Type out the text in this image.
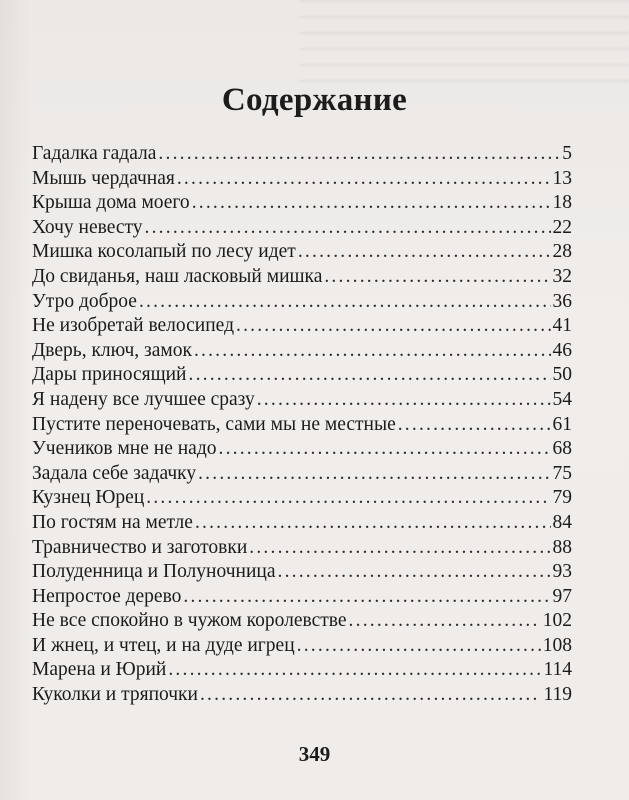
Содержание
Гадалка гадала .....	5
Мышь чердачная .....	13
Крыша дома моего .....	18
Хочу невесту .....	22
Мишка косолапый по лесу идет .....	28
До свиданья, наш ласковый мишка .....	32
Утро доброе .....	36
Не изобретай велосипед .....	41
Дверь, ключ, замок .....	46
Дары приносящий .....	50
Я надену все лучшее сразу .....	54
Пустите переночевать, сами мы не местные .....	61
Учеников мне не надо .....	68
Задала себе задачку .....	75
Кузнец Юрец .....	79
По гостям на метле .....	84
Травничество и заготовки .....	88
Полуденница и Полуночница .....	93
Непростое дерево .....	97
Не все спокойно в чужом королевстве .....	102
И жнец, и чтец, и на дуде игрец .....	108
Марена и Юрий .....	114
Куколки и тряпочки .....	119
349
